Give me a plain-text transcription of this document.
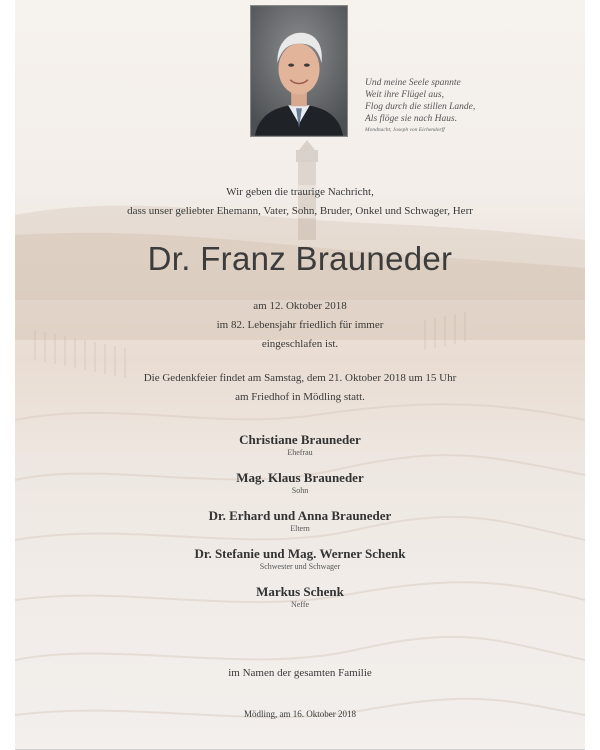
Und meine Seele spannte
Weit ihre Flügel aus,
Flog durch die stillen Lande,
Als flöge sie nach Haus.
Mondnacht, Joseph von Eichendorff
Wir geben die traurige Nachricht,
dass unser geliebter Ehemann, Vater, Sohn, Bruder, Onkel und Schwager, Herr
Dr. Franz Brauneder
am 12. Oktober 2018
im 82. Lebensjahr friedlich für immer
eingeschlafen ist.
Die Gedenkfeier findet am Samstag, dem 21. Oktober 2018 um 15 Uhr
am Friedhof in Mödling statt.
Christiane Brauneder
Ehefrau
Mag. Klaus Brauneder
Sohn
Dr. Erhard und Anna Brauneder
Eltern
Dr. Stefanie und Mag. Werner Schenk
Schwester und Schwager
Markus Schenk
Neffe
im Namen der gesamten Familie
Mödling, am 16. Oktober 2018
